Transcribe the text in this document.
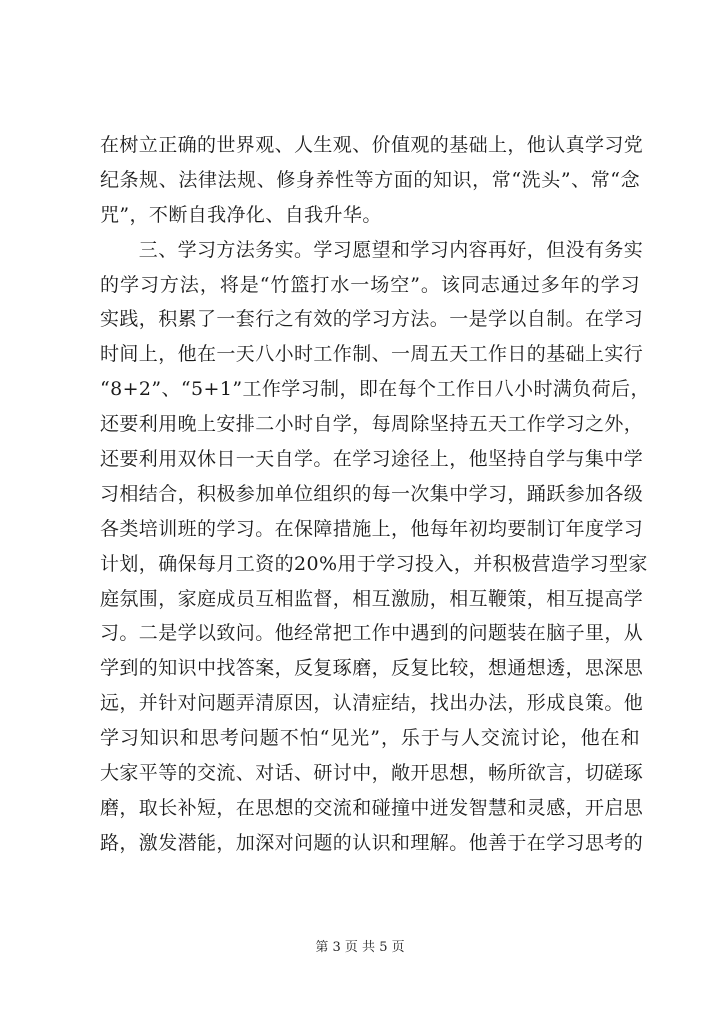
在树立正确的世界观、人生观、价值观的基础上，他认真学习党
纪条规、法律法规、修身养性等方面的知识，常“洗头”、常“念
咒”，不断自我净化、自我升华。
　　三、学习方法务实。学习愿望和学习内容再好，但没有务实
的学习方法，将是“竹篮打水一场空”。该同志通过多年的学习
实践，积累了一套行之有效的学习方法。一是学以自制。在学习
时间上，他在一天八小时工作制、一周五天工作日的基础上实行
“8+2”、“5+1”工作学习制，即在每个工作日八小时满负荷后，
还要利用晚上安排二小时自学，每周除坚持五天工作学习之外，
还要利用双休日一天自学。在学习途径上，他坚持自学与集中学
习相结合，积极参加单位组织的每一次集中学习，踊跃参加各级
各类培训班的学习。在保障措施上，他每年初均要制订年度学习
计划，确保每月工资的20%用于学习投入，并积极营造学习型家
庭氛围，家庭成员互相监督，相互激励，相互鞭策，相互提高学
习。二是学以致问。他经常把工作中遇到的问题装在脑子里，从
学到的知识中找答案，反复琢磨，反复比较，想通想透，思深思
远，并针对问题弄清原因，认清症结，找出办法，形成良策。他
学习知识和思考问题不怕“见光”，乐于与人交流讨论，他在和
大家平等的交流、对话、研讨中，敞开思想，畅所欲言，切磋琢
磨，取长补短，在思想的交流和碰撞中迸发智慧和灵感，开启思
路，激发潜能，加深对问题的认识和理解。他善于在学习思考的
第 3 页 共 5 页
